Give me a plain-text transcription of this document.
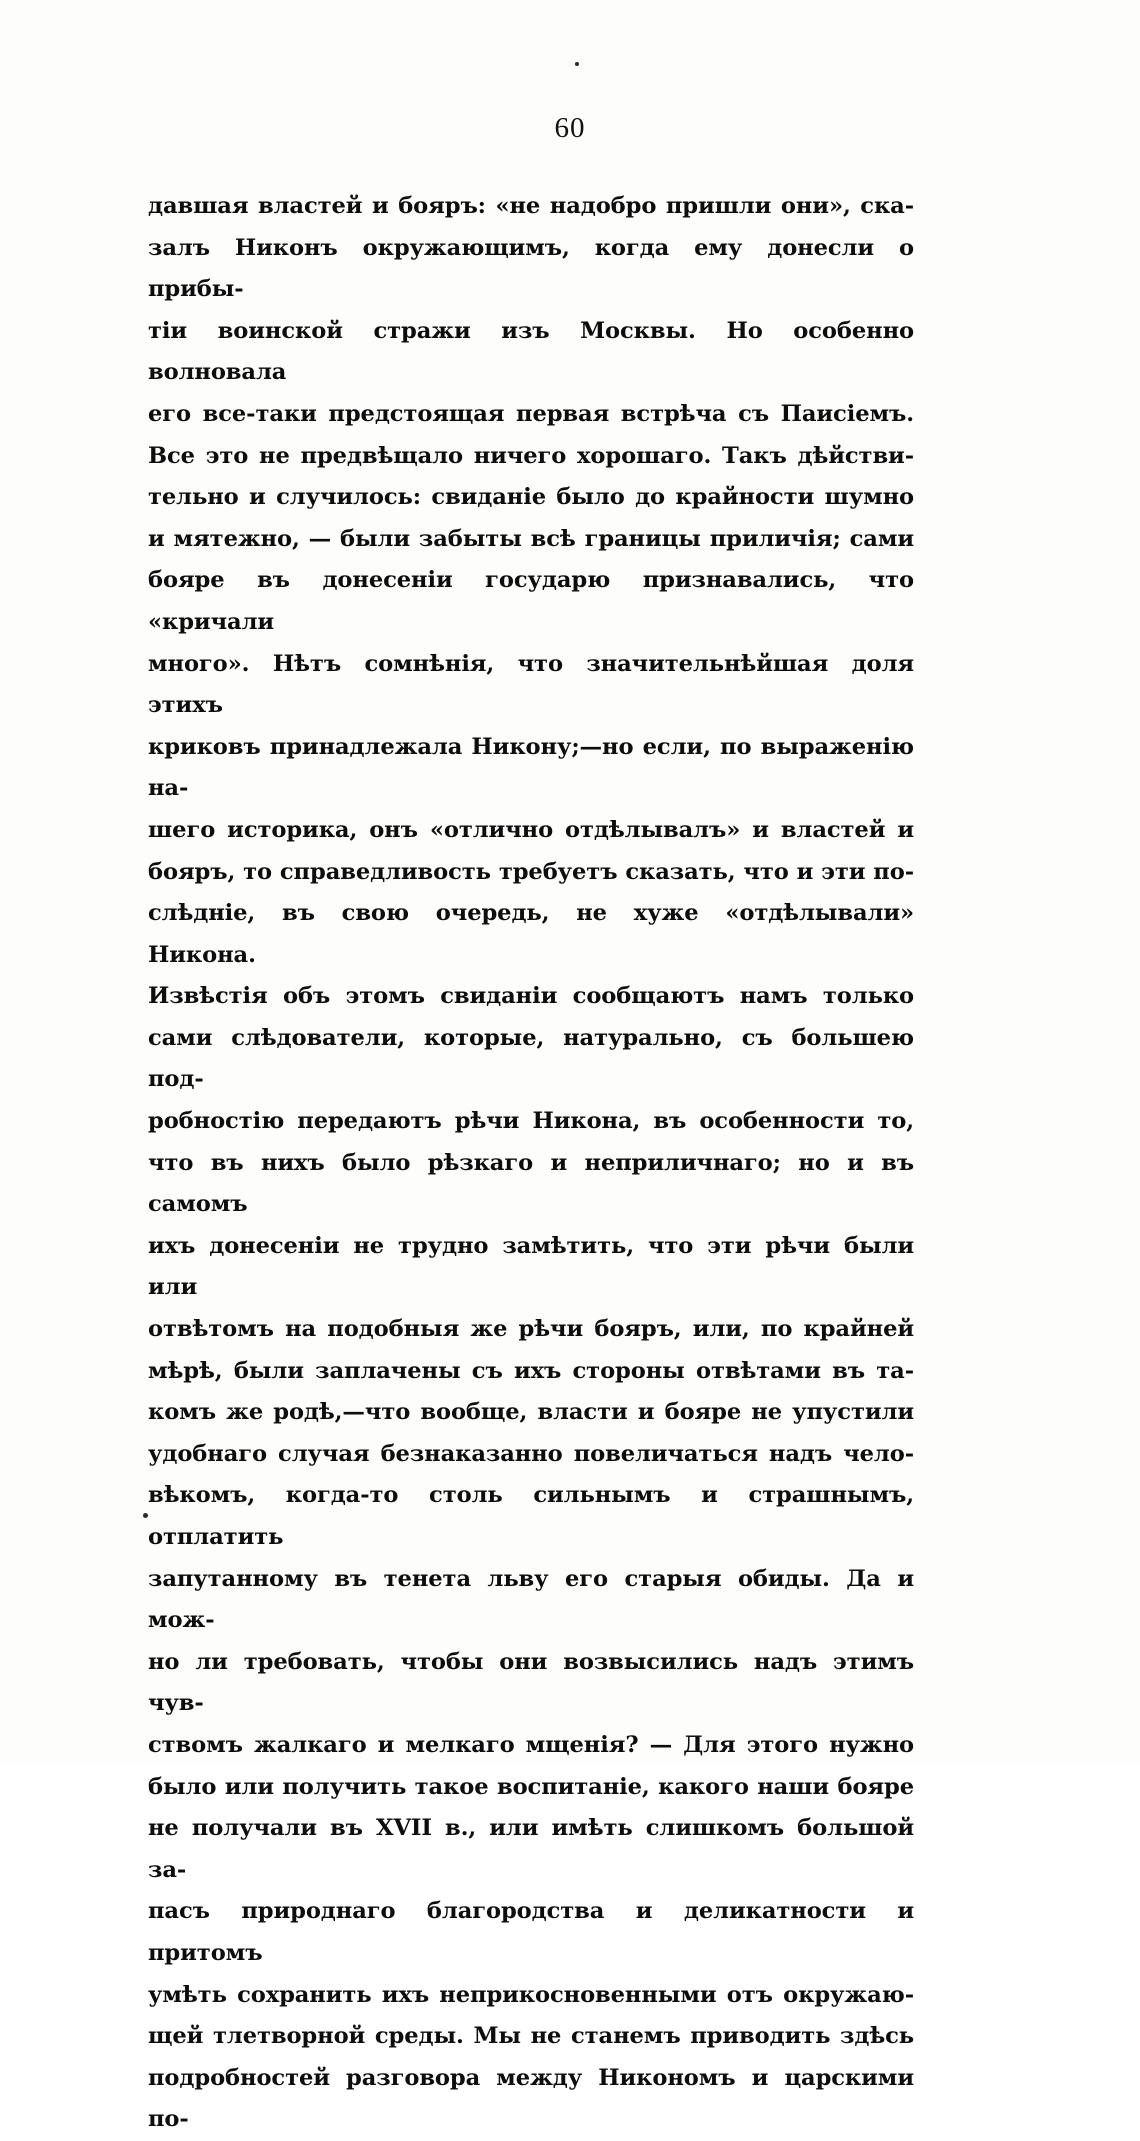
60
давшая властей и бояръ: «не надобро пришли они», ска-
залъ Никонъ окружающимъ, когда ему донесли о прибы-
тіи воинской стражи изъ Москвы. Но особенно волновала
его все-таки предстоящая первая встрѣча съ Паисіемъ.
Все это не предвѣщало ничего хорошаго. Такъ дѣйстви-
тельно и случилось: свиданіе было до крайности шумно
и мятежно, — были забыты всѣ границы приличія; сами
бояре въ донесеніи государю признавались, что «кричали
много». Нѣтъ сомнѣнія, что значительнѣйшая доля этихъ
криковъ принадлежала Никону;—но если, по выраженію на-
шего историка, онъ «отлично отдѣлывалъ» и властей и
бояръ, то справедливость требуетъ сказать, что и эти по-
слѣдніе, въ свою очередь, не хуже «отдѣлывали» Никона.
Извѣстія объ этомъ свиданіи сообщаютъ намъ только
сами слѣдователи, которые, натурально, съ большею под-
робностію передаютъ рѣчи Никона, въ особенности то,
что въ нихъ было рѣзкаго и неприличнаго; но и въ самомъ
ихъ донесеніи не трудно замѣтить, что эти рѣчи были или
отвѣтомъ на подобныя же рѣчи бояръ, или, по крайней
мѣрѣ, были заплачены съ ихъ стороны отвѣтами въ та-
комъ же родѣ,—что вообще, власти и бояре не упустили
удобнаго случая безнаказанно повеличаться надъ чело-
вѣкомъ, когда-то столь сильнымъ и страшнымъ, отплатить
запутанному въ тенета льву его старыя обиды. Да и мож-
но ли требовать, чтобы они возвысились надъ этимъ чув-
ствомъ жалкаго и мелкаго мщенія? — Для этого нужно
было или получить такое воспитаніе, какого наши бояре
не получали въ XVII в., или имѣть слишкомъ большой за-
пасъ природнаго благородства и деликатности и притомъ
умѣть сохранить ихъ неприкосновенными отъ окружаю-
щей тлетворной среды. Мы не станемъ приводить здѣсь
подробностей разговора между Никономъ и царскими по-
